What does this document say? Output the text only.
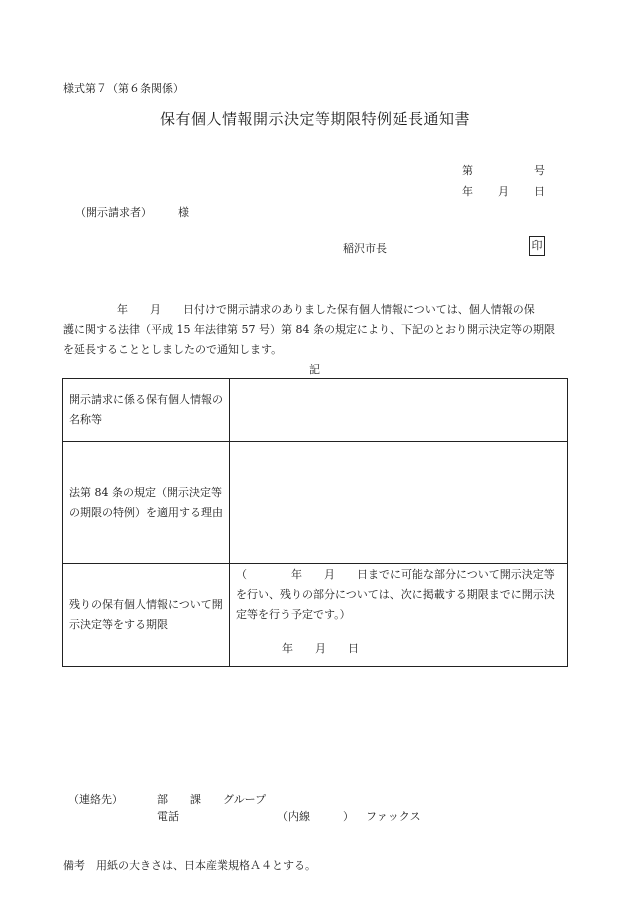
様式第７（第６条関係）
保有個人情報開示決定等期限特例延長通知書
第	号
年 月 日
（開示請求者） 様
稲沢市長	印
年　　月　　日付けで開示請求のありました保有個人情報については、個人情報の保
護に関する法律（平成 15 年法律第 57 号）第 84 条の規定により、下記のとおり開示決定等の期限
を延長することとしましたので通知します。
記
開示請求に係る保有個人情報の名称等	
法第 84 条の規定（開示決定等の期限の特例）を適用する理由	
残りの保有個人情報について開示決定等をする期限	（　　　　年　　月　　日までに可能な部分について開示決定等を行い、残りの部分については、次に掲載する期限までに開示決定等を行う予定です。）
年　　月　　日
（連絡先）	部　　課　　グループ
電話	（内線　　　） ファックス
備考　用紙の大きさは、日本産業規格Ａ４とする。
